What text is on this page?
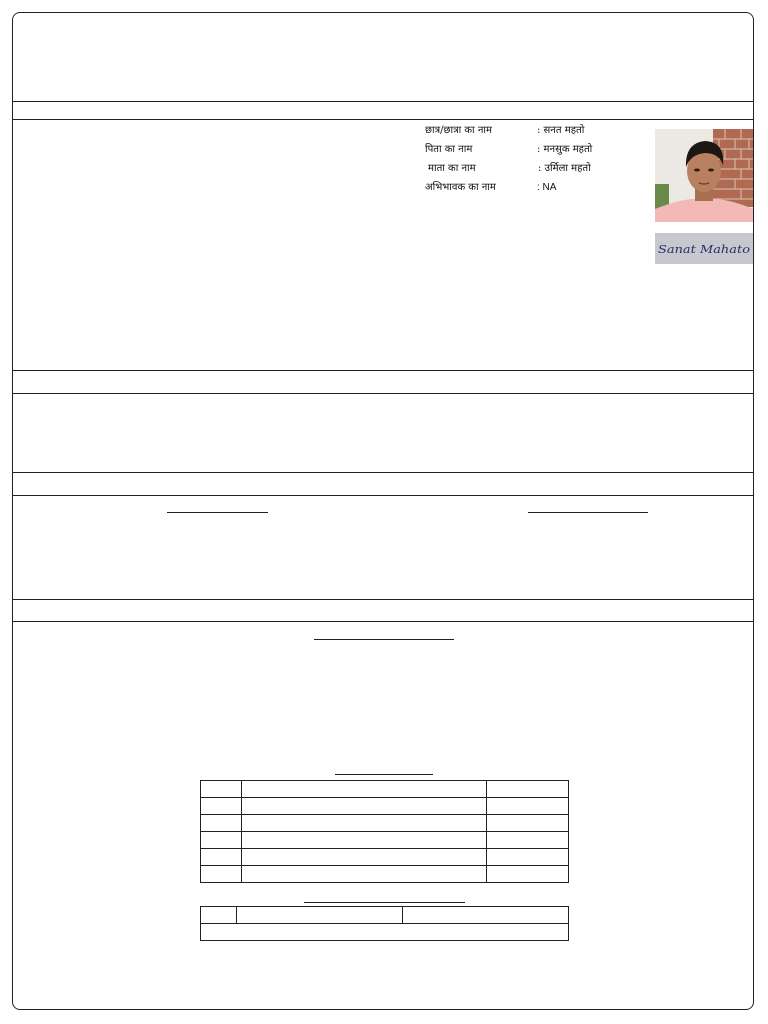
छात्र/छात्रा का नाम	: सनत महतो
पिता का नाम	: मनसुक महतो
माता का नाम	: उर्मिला महतो
अभिभावक का नाम	: NA
Sanat Mahato
